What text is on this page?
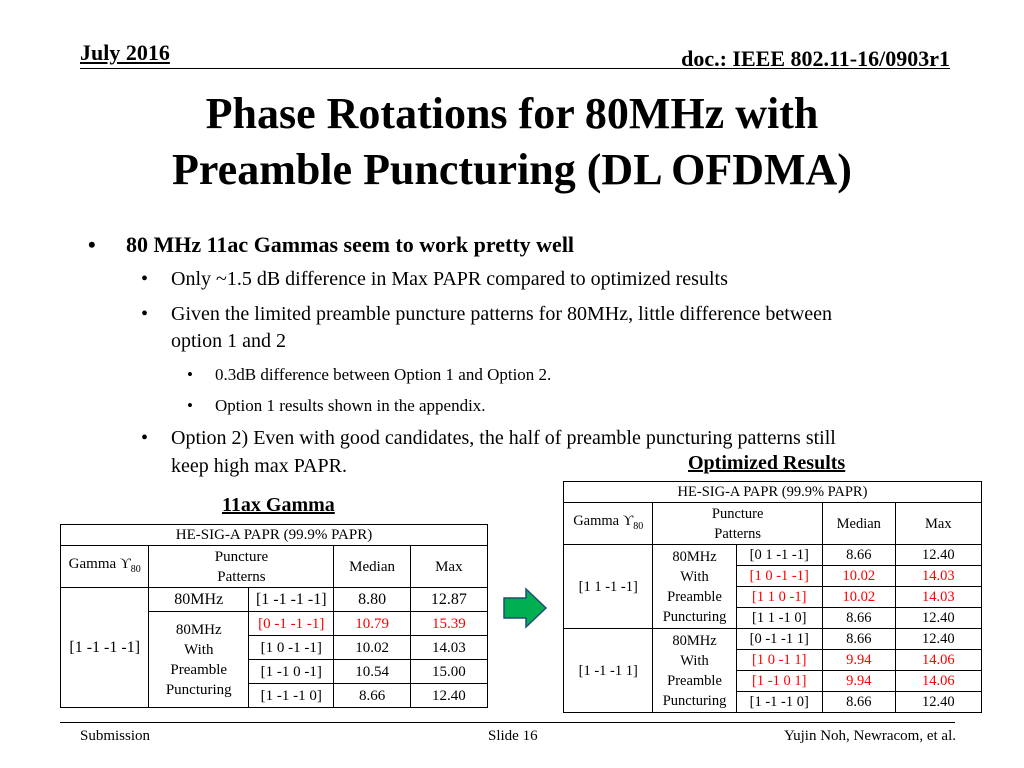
July 2016	doc.: IEEE 802.11-16/0903r1
Phase Rotations for 80MHz with
Preamble Puncturing (DL OFDMA)
• 80 MHz 11ac Gammas seem to work pretty well
• Only ~1.5 dB difference in Max PAPR compared to optimized results
• Given the limited preamble puncture patterns for 80MHz, little difference between
option 1 and 2
• 0.3dB difference between Option 1 and Option 2.
• Option 1 results shown in the appendix.
• Option 2) Even with good candidates, the half of preamble puncturing patterns still
keep high max PAPR.
11ax Gamma
HE-SIG-A PAPR (99.9% PAPR)				
Gamma $ϒ_{80}$	Puncture
Patterns		Median	Max
[1 -1 -1 -1]	80MHz	[1 -1 -1 -1]	8.80	12.87

	80MHz
With
Preamble
Puncturing	[0 -1 -1 -1]	10.79	15.39
		[1 0 -1 -1]	10.02	14.03
		[1 -1 0 -1]	10.54	15.00
		[1 -1 -1 0]	8.66	12.40
Optimized Results
HE-SIG-A PAPR (99.9% PAPR)				
Gamma $ϒ_{80}$	Puncture
Patterns		Median	Max
[1 1 -1 -1]	80MHz
With
Preamble
Puncturing	[0 1 -1 -1]	8.66	12.40
		[1 0 -1 -1]	10.02	14.03
		[1 1 0 -1]	10.02	14.03
		[1 1 -1 0]	8.66	12.40
[1 -1 -1 1]	80MHz
With
Preamble
Puncturing	[0 -1 -1 1]	8.66	12.40
		[1 0 -1 1]	9.94	14.06
		[1 -1 0 1]	9.94	14.06
		[1 -1 -1 0]	8.66	12.40
Submission	Slide 16	Yujin Noh, Newracom, et al.
